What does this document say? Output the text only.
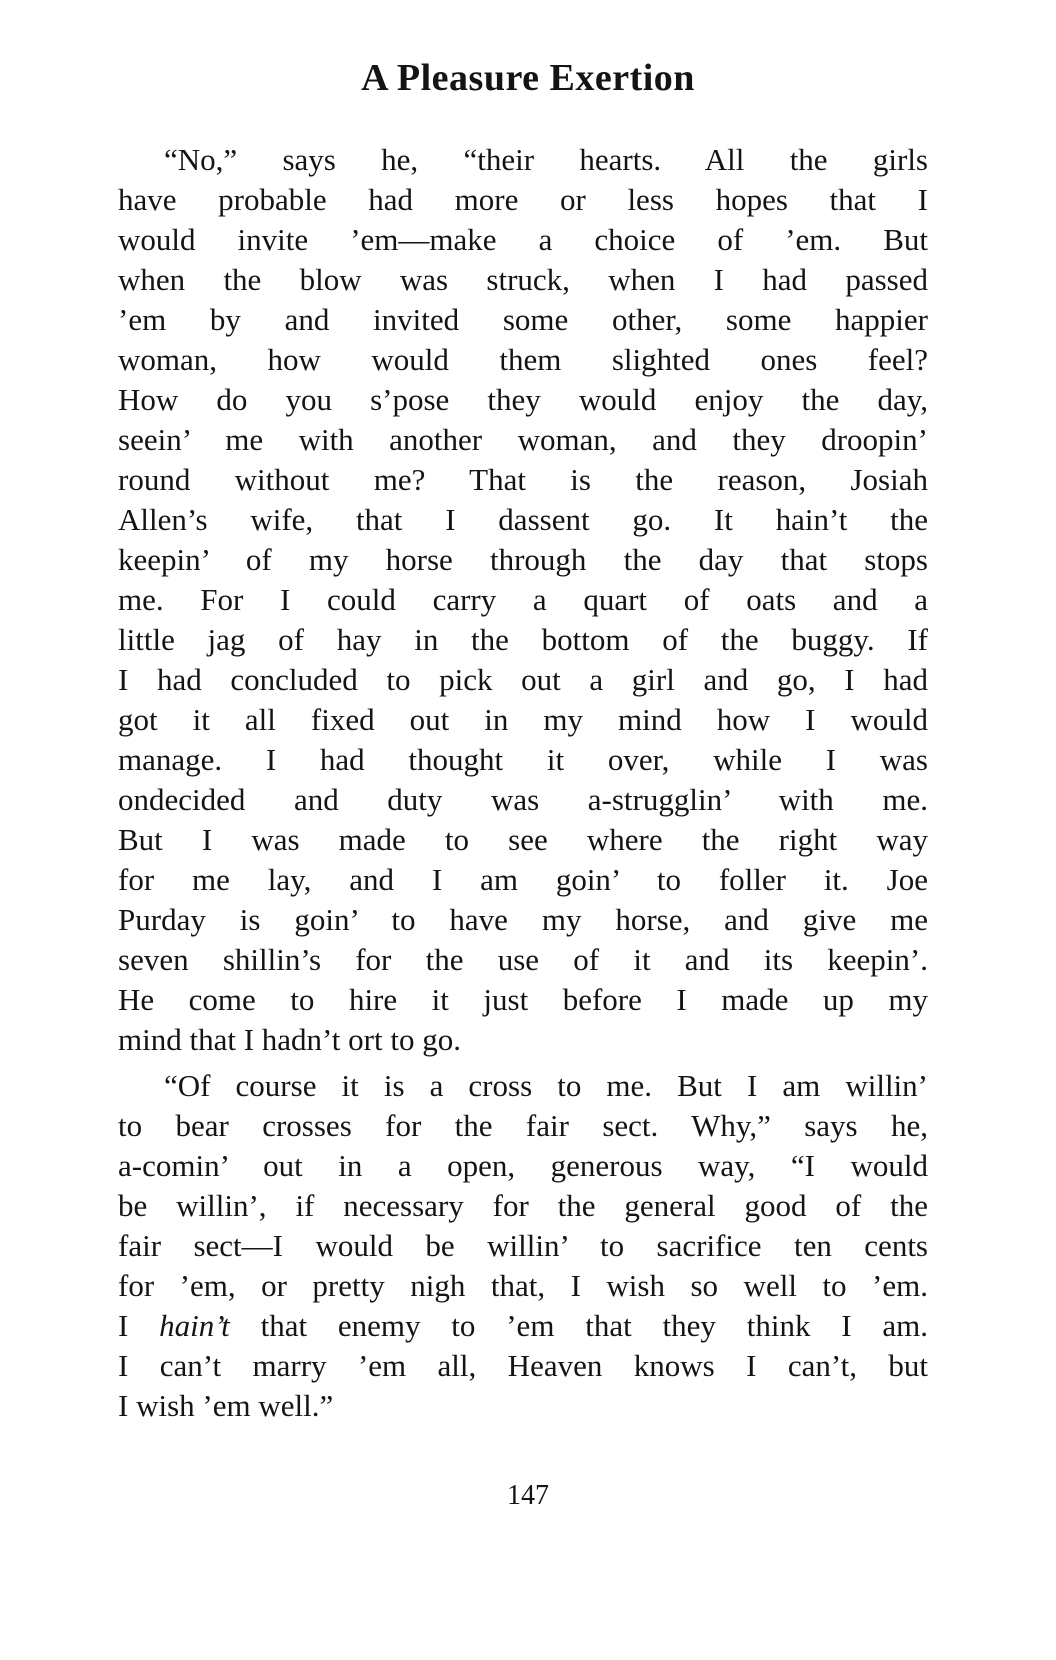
A Pleasure Exertion
“No,” says he, “their hearts. All the girls
have probable had more or less hopes that I
would invite ’em—make a choice of ’em. But
when the blow was struck, when I had passed
’em by and invited some other, some happier
woman, how would them slighted ones feel?
How do you s’pose they would enjoy the day,
seein’ me with another woman, and they droopin’
round without me? That is the reason, Josiah
Allen’s wife, that I dassent go. It hain’t the
keepin’ of my horse through the day that stops
me. For I could carry a quart of oats and a
little jag of hay in the bottom of the buggy. If
I had concluded to pick out a girl and go, I had
got it all fixed out in my mind how I would
manage. I had thought it over, while I was
ondecided and duty was a-strugglin’ with me.
But I was made to see where the right way
for me lay, and I am goin’ to foller it. Joe
Purday is goin’ to have my horse, and give me
seven shillin’s for the use of it and its keepin’.
He come to hire it just before I made up my
mind that I hadn’t ort to go.
“Of course it is a cross to me. But I am willin’
to bear crosses for the fair sect. Why,” says he,
a-comin’ out in a open, generous way, “I would
be willin’, if necessary for the general good of the
fair sect—I would be willin’ to sacrifice ten cents
for ’em, or pretty nigh that, I wish so well to ’em.
I hain’t that enemy to ’em that they think I am.
I can’t marry ’em all, Heaven knows I can’t, but
I wish ’em well.”
147
